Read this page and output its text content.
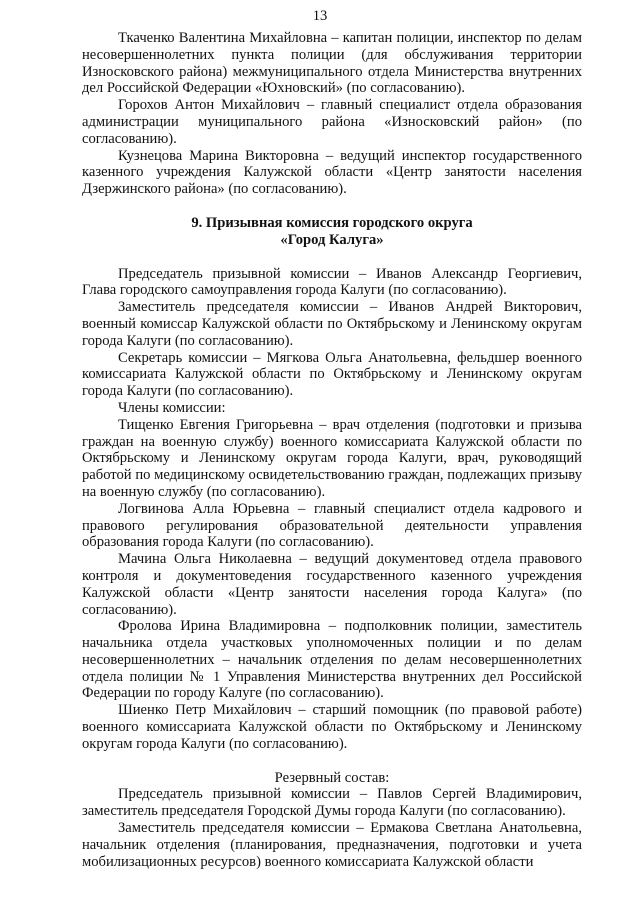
13

Ткаченко Валентина Михайловна – капитан полиции, инспектор по делам несовершеннолетних пункта полиции (для обслуживания территории Износковского района) межмуниципального отдела Министерства внутренних дел Российской Федерации «Юхновский» (по согласованию).

Горохов Антон Михайлович – главный специалист отдела образования администрации муниципального района «Износковский район» (по согласованию).

Кузнецова Марина Викторовна – ведущий инспектор государственного казенного учреждения Калужской области «Центр занятости населения Дзержинского района» (по согласованию).

9. Призывная комиссия городского округа

«Город Калуга»

Председатель призывной комиссии – Иванов Александр Георгиевич, Глава городского самоуправления города Калуги (по согласованию).

Заместитель председателя комиссии – Иванов Андрей Викторович, военный комиссар Калужской области по Октябрьскому и Ленинскому округам города Калуги (по согласованию).

Секретарь комиссии – Мягкова Ольга Анатольевна, фельдшер военного комиссариата Калужской области по Октябрьскому и Ленинскому округам города Калуги (по согласованию).

Члены комиссии:

Тищенко Евгения Григорьевна – врач отделения (подготовки и призыва граждан на военную службу) военного комиссариата Калужской области по Октябрьскому и Ленинскому округам города Калуги, врач, руководящий работой по медицинскому освидетельствованию граждан, подлежащих призыву на военную службу (по согласованию).

Логвинова Алла Юрьевна – главный специалист отдела кадрового и правового регулирования образовательной деятельности управления образования города Калуги (по согласованию).

Мачина Ольга Николаевна – ведущий документовед отдела правового контроля и документоведения государственного казенного учреждения Калужской области «Центр занятости населения города Калуга» (по согласованию).

Фролова Ирина Владимировна – подполковник полиции, заместитель начальника отдела участковых уполномоченных полиции и по делам несовершеннолетних – начальник отделения по делам несовершеннолетних отдела полиции № 1 Управления Министерства внутренних дел Российской Федерации по городу Калуге (по согласованию).

Шиенко Петр Михайлович – старший помощник (по правовой работе) военного комиссариата Калужской области по Октябрьскому и Ленинскому округам города Калуги (по согласованию).

Резервный состав:

Председатель призывной комиссии – Павлов Сергей Владимирович, заместитель председателя Городской Думы города Калуги (по согласованию).

Заместитель председателя комиссии – Ермакова Светлана Анатольевна, начальник отделения (планирования, предназначения, подготовки и учета мобилизационных ресурсов) военного комиссариата Калужской области
